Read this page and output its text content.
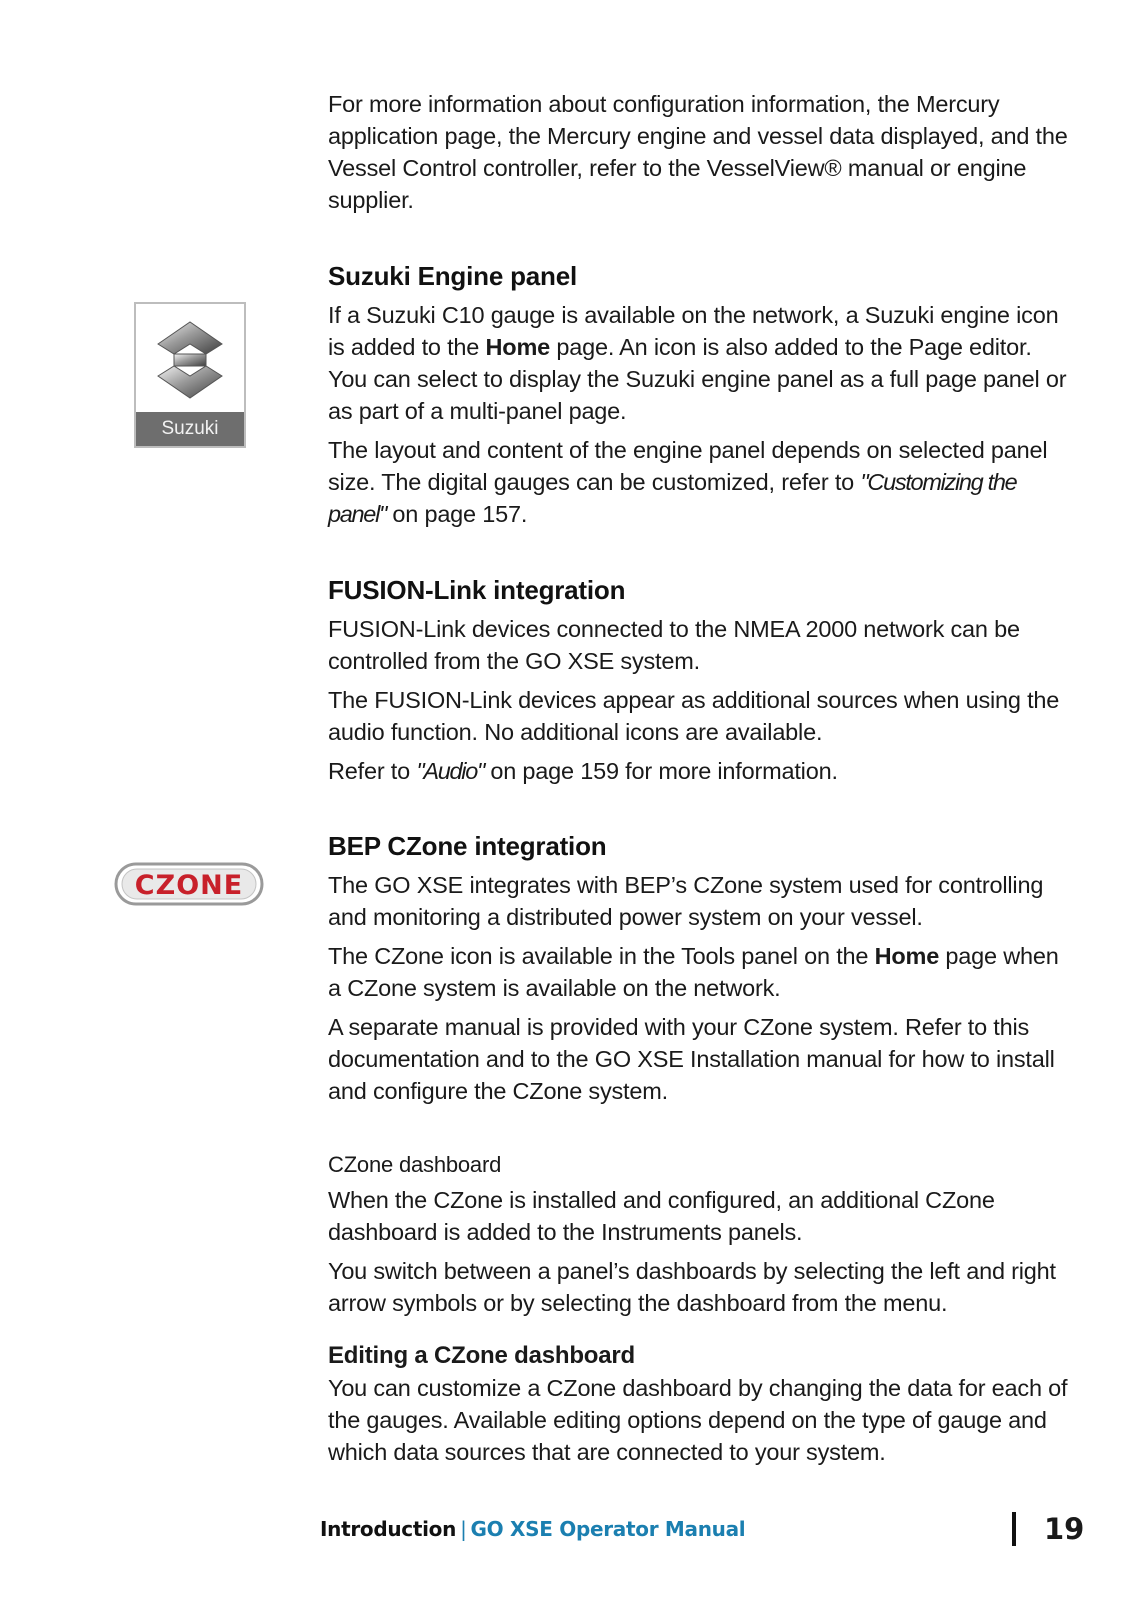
Suzuki
CZONE

For more information about configuration information, the Mercury application page, the Mercury engine and vessel data displayed, and the Vessel Control controller, refer to the VesselView® manual or engine supplier.

Suzuki Engine panel

If a Suzuki C10 gauge is available on the network, a Suzuki engine icon is added to the Home page. An icon is also added to the Page editor. You can select to display the Suzuki engine panel as a full page panel or as part of a multi-panel page.

The layout and content of the engine panel depends on selected panel size. The digital gauges can be customized, refer to "Customizing the panel" on page 157.

FUSION-Link integration

FUSION-Link devices connected to the NMEA 2000 network can be controlled from the GO XSE system.

The FUSION-Link devices appear as additional sources when using the audio function. No additional icons are available.

Refer to "Audio" on page 159 for more information.

BEP CZone integration

The GO XSE integrates with BEP’s CZone system used for controlling and monitoring a distributed power system on your vessel.

The CZone icon is available in the Tools panel on the Home page when a CZone system is available on the network.

A separate manual is provided with your CZone system. Refer to this documentation and to the GO XSE Installation manual for how to install and configure the CZone system.

CZone dashboard

When the CZone is installed and configured, an additional CZone dashboard is added to the Instruments panels.

You switch between a panel’s dashboards by selecting the left and right arrow symbols or by selecting the dashboard from the menu.

Editing a CZone dashboard

You can customize a CZone dashboard by changing the data for each of the gauges. Available editing options depend on the type of gauge and which data sources that are connected to your system.

Introduction | GO XSE Operator Manual	19
